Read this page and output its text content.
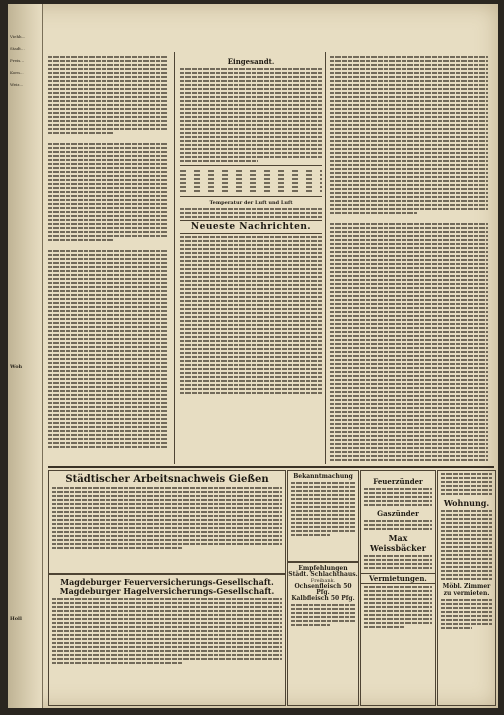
Viehh...
Stadt...
Preis...
Korn...
Weiz...
Woh
Holl
Eingesandt.
Temperatur der Luft und Luft
Neueste Nachrichten.
Städtischer Arbeitsnachweis Gießen
Magdeburger Feuerversicherungs-Gesellschaft.
Magdeburger Hagelversicherungs-Gesellschaft.
Bekanntmachung
Empfehlungen
Städt. Schlachthaus.
Freibank.
Ochsenfleisch 50 Pfg.
Kalbfleisch 50 Pfg.
Feuerzünder
Gaszünder
Max Weissbäcker
Vermietungen.
Wohnung.
Möbl. Zimmer zu vermieten.
